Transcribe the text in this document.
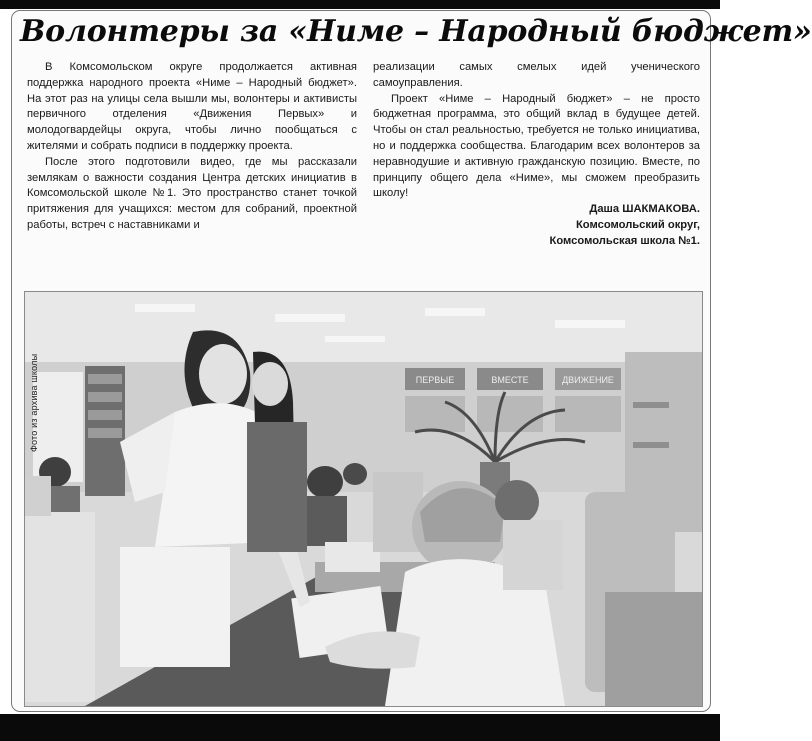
Волонтеры за «Ниме – Народный бюджет»

В Комсомольском округе продолжается активная поддержка народного проекта «Ниме – Народный бюджет». На этот раз на улицы села вышли мы, волонтеры и активисты первичного отделения «Движения Первых» и молодогвардейцы округа, чтобы лично пообщаться с жителями и собрать подписи в поддержку проекта.

После этого подготовили видео, где мы рассказали землякам о важности создания Центра детских инициатив в Комсомольской школе №1. Это пространство станет точкой притяжения для учащихся: местом для собраний, проектной работы, встреч с наставниками и

реализации самых смелых идей ученического самоуправления.

Проект «Ниме – Народный бюджет» – не просто бюджетная программа, это общий вклад в будущее детей. Чтобы он стал реальностью, требуется не только инициатива, но и поддержка сообщества. Благодарим всех волонтеров за неравнодушие и активную гражданскую позицию. Вместе, по принципу общего дела «Ниме», мы сможем преобразить школу!

Даша ШАКМАКОВА.
Комсомольский округ,
Комсомольская школа №1.
ПЕРВЫЕ	ВМЕСТЕ	ДВИЖЕНИЕ
Фото из архива школы
